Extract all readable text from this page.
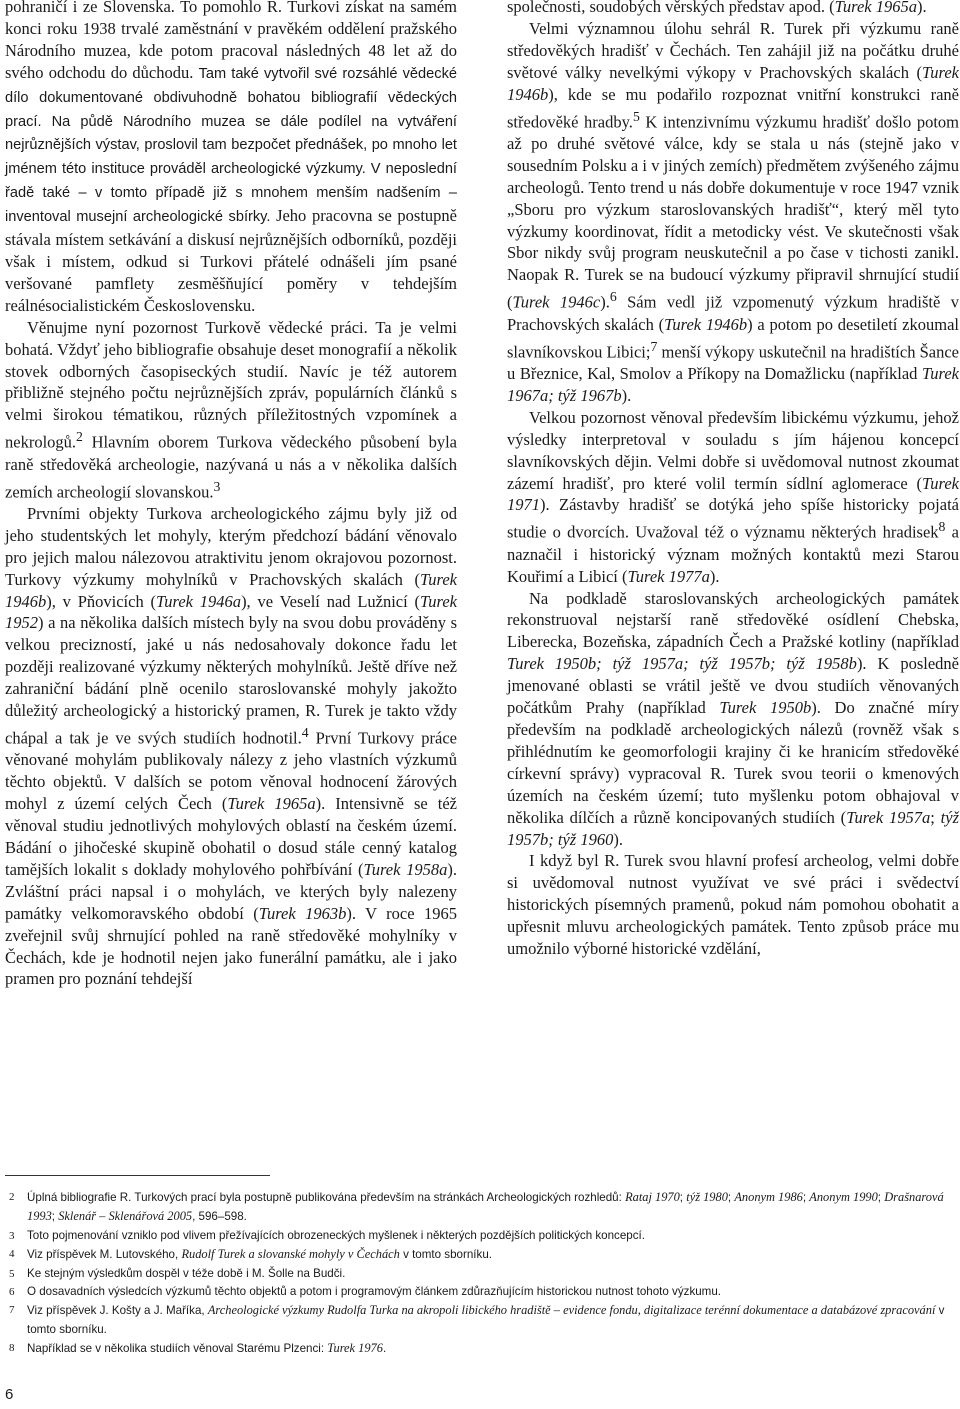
pohraničí i ze Slovenska. To pomohlo R. Turkovi získat na samém konci roku 1938 trvalé zaměstnání v pravěkém oddělení pražského Národního muzea, kde potom pracoval následných 48 let až do svého odchodu do důchodu. Tam také vytvořil své rozsáhlé vědecké dílo dokumentované obdivuhodně bohatou bibliografií vědeckých prací. Na půdě Národního muzea se dále podílel na vytváření nejrůznějších výstav, proslovil tam bezpočet přednášek, po mnoho let jménem této instituce prováděl archeologické výzkumy. V neposlední řadě také – v tomto případě již s mnohem menším nadšením – inventoval musejní archeologické sbírky. Jeho pracovna se postupně stávala místem setkávání a diskusí nejrůznějších odborníků, později však i místem, odkud si Turkovi přátelé odnášeli jím psané veršované pamflety zesměšňující poměry v tehdejším reálnésocialistickém Československu.

Věnujme nyní pozornost Turkově vědecké práci. Ta je velmi bohatá. Vždyť jeho bibliografie obsahuje deset monografií a několik stovek odborných časopiseckých studií. Navíc je též autorem přibližně stejného počtu nejrůznějších zpráv, populárních článků s velmi širokou tématikou, různých příležitostných vzpomínek a nekrologů.$^2$ Hlavním oborem Turkova vědeckého působení byla raně středověká archeologie, nazývaná u nás a v několika dalších zemích archeologií slovanskou.$^3$

Prvními objekty Turkova archeologického zájmu byly již od jeho studentských let mohyly, kterým předchozí bádání věnovalo pro jejich malou nálezovou atraktivitu jenom okrajovou pozornost. Turkovy výzkumy mohylníků v Prachovských skalách (Turek 1946b), v Pňovicích (Turek 1946a), ve Veselí nad Lužnicí (Turek 1952) a na několika dalších místech byly na svou dobu prováděny s velkou precizností, jaké u nás nedosahovaly dokonce řadu let později realizované výzkumy některých mohylníků. Ještě dříve než zahraniční bádání plně ocenilo staroslovanské mohyly jakožto důležitý archeologický a historický pramen, R. Turek je takto vždy chápal a tak je ve svých studiích hodnotil.$^4$ První Turkovy práce věnované mohylám publikovaly nálezy z jeho vlastních výzkumů těchto objektů. V dalších se potom věnoval hodnocení žárových mohyl z území celých Čech (Turek 1965a). Intensivně se též věnoval studiu jednotlivých mohylových oblastí na českém území. Bádání o jihočeské skupině obohatil o dosud stále cenný katalog tamějších lokalit s doklady mohylového pohřbívání (Turek 1958a). Zvláštní práci napsal i o mohylách, ve kterých byly nalezeny památky velkomoravského období (Turek 1963b). V roce 1965 zveřejnil svůj shrnující pohled na raně středověké mohylníky v Čechách, kde je hodnotil nejen jako funerální památku, ale i jako pramen pro poznání tehdejší

společnosti, soudobých věrských představ apod. (Turek 1965a).

Velmi významnou úlohu sehrál R. Turek při výzkumu raně středověkých hradišť v Čechách. Ten zahájil již na počátku druhé světové války nevelkými výkopy v Prachovských skalách (Turek 1946b), kde se mu podařilo rozpoznat vnitřní konstrukci raně středověké hradby.$^5$ K intenzivnímu výzkumu hradišť došlo potom až po druhé světové válce, kdy se stala u nás (stejně jako v sousedním Polsku a i v jiných zemích) předmětem zvýšeného zájmu archeologů. Tento trend u nás dobře dokumentuje v roce 1947 vznik „Sboru pro výzkum staroslovanských hradišť“, který měl tyto výzkumy koordinovat, řídit a metodicky vést. Ve skutečnosti však Sbor nikdy svůj program neuskutečnil a po čase v tichosti zanikl. Naopak R. Turek se na budoucí výzkumy připravil shrnující studií (Turek 1946c).$^6$ Sám vedl již vzpomenutý výzkum hradiště v Prachovských skalách (Turek 1946b) a potom po desetiletí zkoumal slavníkovskou Libici;$^7$ menší výkopy uskutečnil na hradištích Šance u Březnice, Kal, Smolov a Příkopy na Domažlicku (například Turek 1967a; týž 1967b).

Velkou pozornost věnoval především libickému výzkumu, jehož výsledky interpretoval v souladu s jím hájenou koncepcí slavníkovských dějin. Velmi dobře si uvědomoval nutnost zkoumat zázemí hradišť, pro které volil termín sídlní aglomerace (Turek 1971). Zástavby hradišť se dotýká jeho spíše historicky pojatá studie o dvorcích. Uvažoval též o významu některých hradisek$^8$ a naznačil i historický význam možných kontaktů mezi Starou Kouřimí a Libicí (Turek 1977a).

Na podkladě staroslovanských archeologických památek rekonstruoval nejstarší raně středověké osídlení Chebska, Liberecka, Bozeňska, západních Čech a Pražské kotliny (například Turek 1950b; týž 1957a; týž 1957b; týž 1958b). K posledně jmenované oblasti se vrátil ještě ve dvou studiích věnovaných počátkům Prahy (například Turek 1950b). Do značné míry především na podkladě archeologických nálezů (rovněž však s přihlédnutím ke geomorfologii krajiny či ke hranicím středověké církevní správy) vypracoval R. Turek svou teorii o kmenových územích na českém území; tuto myšlenku potom obhajoval v několika dílčích a různě koncipovaných studiích (Turek 1957a; týž 1957b; týž 1960).

I když byl R. Turek svou hlavní profesí archeolog, velmi dobře si uvědomoval nutnost využívat ve své práci i svědectví historických písemných pramenů, pokud nám pomohou obohatit a upřesnit mluvu archeologických památek. Tento způsob práce mu umožnilo výborné historické vzdělání,

2 Úplná bibliografie R. Turkových prací byla postupně publikována především na stránkách Archeologických rozhledů: Rataj 1970; týž 1980; Anonym 1986; Anonym 1990; Drašnarová 1993; Sklenář – Sklenářová 2005, 596–598.
3 Toto pojmenování vzniklo pod vlivem přežívajících obrozeneckých myšlenek i některých pozdějších politických koncepcí.
4 Viz příspěvek M. Lutovského, Rudolf Turek a slovanské mohyly v Čechách v tomto sborníku.
5 Ke stejným výsledkům dospěl v téže době i M. Šolle na Budči.
6 O dosavadních výsledcích výzkumů těchto objektů a potom i programovým článkem zdůrazňujícím historickou nutnost tohoto výzkumu.
7 Viz příspěvek J. Košty a J. Maříka, Archeologické výzkumy Rudolfa Turka na akropoli libického hradiště – evidence fondu, digitalizace terénní dokumentace a databázové zpracování v tomto sborníku.
8 Například se v několika studiích věnoval Starému Plzenci: Turek 1976.
6
